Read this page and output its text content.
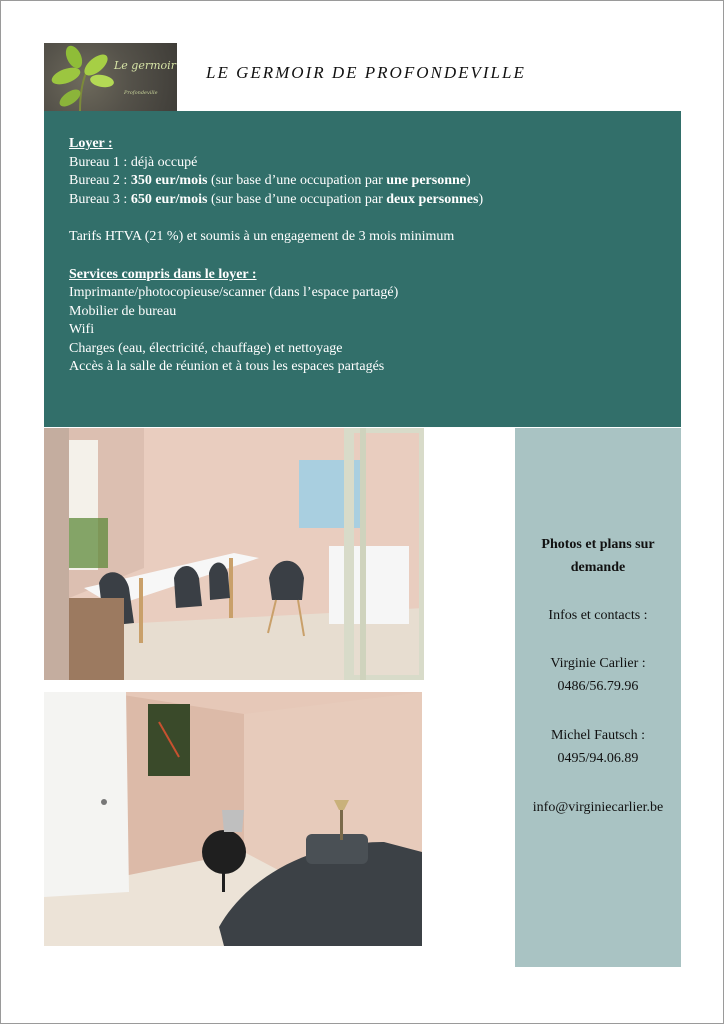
Le germoir
Profondeville
LE GERMOIR DE PROFONDEVILLE
Loyer :
Bureau 1 : déjà occupé
Bureau 2 : 350 eur/mois (sur base d’une occupation par une personne)
Bureau 3 : 650 eur/mois (sur base d’une occupation par deux personnes)
Tarifs HTVA (21 %) et soumis à un engagement de 3 mois minimum
Services compris dans le loyer :
Imprimante/photocopieuse/scanner (dans l’espace partagé)
Mobilier de bureau
Wifi
Charges (eau, électricité, chauffage) et nettoyage
Accès à la salle de réunion et à tous les espaces partagés
Photos et plans sur
demande
Infos et contacts :
Virginie Carlier :
0486/56.79.96
Michel Fautsch :
0495/94.06.89
info@virginiecarlier.be
